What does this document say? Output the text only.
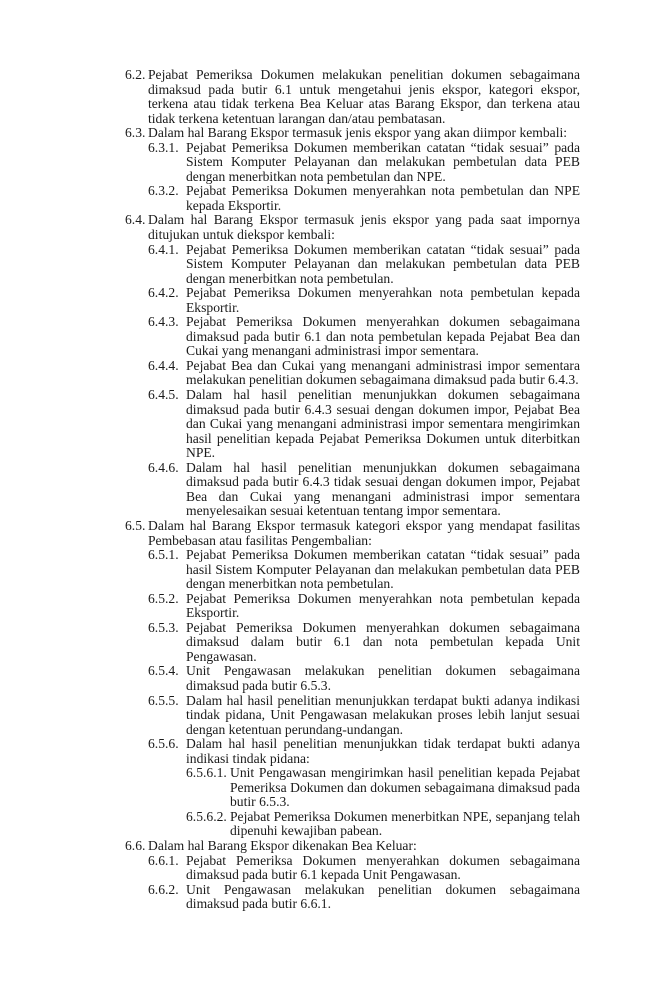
6.2. Pejabat Pemeriksa Dokumen melakukan penelitian dokumen sebagaimana dimaksud pada butir 6.1 untuk mengetahui jenis ekspor, kategori ekspor, terkena atau tidak terkena Bea Keluar atas Barang Ekspor, dan terkena atau tidak terkena ketentuan larangan dan/atau pembatasan.
6.3. Dalam hal Barang Ekspor termasuk jenis ekspor yang akan diimpor kembali:
6.3.1. Pejabat Pemeriksa Dokumen memberikan catatan “tidak sesuai” pada Sistem Komputer Pelayanan dan melakukan pembetulan data PEB dengan menerbitkan nota pembetulan dan NPE.
6.3.2. Pejabat Pemeriksa Dokumen menyerahkan nota pembetulan dan NPE kepada Eksportir.
6.4. Dalam hal Barang Ekspor termasuk jenis ekspor yang pada saat impornya ditujukan untuk diekspor kembali:
6.4.1. Pejabat Pemeriksa Dokumen memberikan catatan “tidak sesuai” pada Sistem Komputer Pelayanan dan melakukan pembetulan data PEB dengan menerbitkan nota pembetulan.
6.4.2. Pejabat Pemeriksa Dokumen menyerahkan nota pembetulan kepada Eksportir.
6.4.3. Pejabat Pemeriksa Dokumen menyerahkan dokumen sebagaimana dimaksud pada butir 6.1 dan nota pembetulan kepada Pejabat Bea dan Cukai yang menangani administrasi impor sementara.
6.4.4. Pejabat Bea dan Cukai yang menangani administrasi impor sementara melakukan penelitian dokumen sebagaimana dimaksud pada butir 6.4.3.
6.4.5. Dalam hal hasil penelitian menunjukkan dokumen sebagaimana dimaksud pada butir 6.4.3 sesuai dengan dokumen impor, Pejabat Bea dan Cukai yang menangani administrasi impor sementara mengirimkan hasil penelitian kepada Pejabat Pemeriksa Dokumen untuk diterbitkan NPE.
6.4.6. Dalam hal hasil penelitian menunjukkan dokumen sebagaimana dimaksud pada butir 6.4.3 tidak sesuai dengan dokumen impor, Pejabat Bea dan Cukai yang menangani administrasi impor sementara menyelesaikan sesuai ketentuan tentang impor sementara.
6.5. Dalam hal Barang Ekspor termasuk kategori ekspor yang mendapat fasilitas Pembebasan atau fasilitas Pengembalian:
6.5.1. Pejabat Pemeriksa Dokumen memberikan catatan “tidak sesuai” pada hasil Sistem Komputer Pelayanan dan melakukan pembetulan data PEB dengan menerbitkan nota pembetulan.
6.5.2. Pejabat Pemeriksa Dokumen menyerahkan nota pembetulan kepada Eksportir.
6.5.3. Pejabat Pemeriksa Dokumen menyerahkan dokumen sebagaimana dimaksud dalam butir 6.1 dan nota pembetulan kepada Unit Pengawasan.
6.5.4. Unit Pengawasan melakukan penelitian dokumen sebagaimana dimaksud pada butir 6.5.3.
6.5.5. Dalam hal hasil penelitian menunjukkan terdapat bukti adanya indikasi tindak pidana, Unit Pengawasan melakukan proses lebih lanjut sesuai dengan ketentuan perundang-undangan.
6.5.6. Dalam hal hasil penelitian menunjukkan tidak terdapat bukti adanya indikasi tindak pidana:
6.5.6.1. Unit Pengawasan mengirimkan hasil penelitian kepada Pejabat Pemeriksa Dokumen dan dokumen sebagaimana dimaksud pada butir 6.5.3.
6.5.6.2. Pejabat Pemeriksa Dokumen menerbitkan NPE, sepanjang telah dipenuhi kewajiban pabean.
6.6. Dalam hal Barang Ekspor dikenakan Bea Keluar:
6.6.1. Pejabat Pemeriksa Dokumen menyerahkan dokumen sebagaimana dimaksud pada butir 6.1 kepada Unit Pengawasan.
6.6.2. Unit Pengawasan melakukan penelitian dokumen sebagaimana dimaksud pada butir 6.6.1.
